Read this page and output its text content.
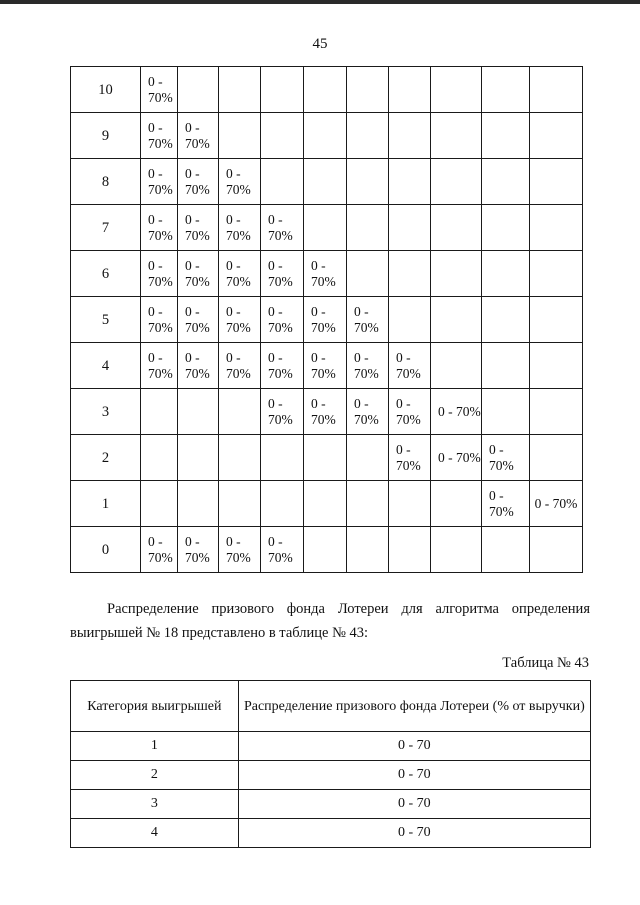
45
10	0 - 70%									
9	0 - 70%	0 - 70%								
8	0 - 70%	0 - 70%	0 - 70%							
7	0 - 70%	0 - 70%	0 - 70%	0 - 70%						
6	0 - 70%	0 - 70%	0 - 70%	0 - 70%	0 - 70%					
5	0 - 70%	0 - 70%	0 - 70%	0 - 70%	0 - 70%	0 - 70%				
4	0 - 70%	0 - 70%	0 - 70%	0 - 70%	0 - 70%	0 - 70%	0 - 70%			
3				0 - 70%	0 - 70%	0 - 70%	0 - 70%	0 - 70%		
2							0 - 70%	0 - 70%	0 - 70%	
1									0 - 70%	0 - 70%
0	0 - 70%	0 - 70%	0 - 70%	0 - 70%						
Распределение призового фонда Лотереи для алгоритма определения
выигрышей № 18 представлено в таблице № 43:
Таблица № 43
Категория выигрышей	Распределение призового фонда Лотереи (% от выручки)
1	0 - 70
2	0 - 70
3	0 - 70
4	0 - 70
